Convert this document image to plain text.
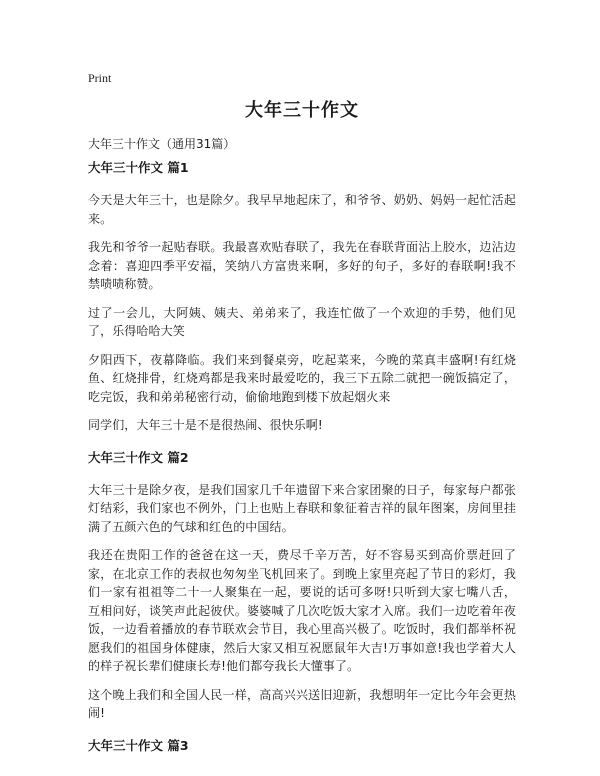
Print
大年三十作文
大年三十作文（通用31篇）
大年三十作文 篇1

今天是大年三十，也是除夕。我早早地起床了，和爷爷、奶奶、妈妈一起忙活起来。

我先和爷爷一起贴春联。我最喜欢贴春联了，我先在春联背面沾上胶水，边沾边念着：喜迎四季平安福，笑纳八方富贵来啊，多好的句子，多好的春联啊!我不禁啧啧称赞。

过了一会儿，大阿姨、姨夫、弟弟来了，我连忙做了一个欢迎的手势，他们见了，乐得哈哈大笑

夕阳西下，夜幕降临。我们来到餐桌旁，吃起菜来，今晚的菜真丰盛啊!有红烧鱼、红烧排骨，红烧鸡都是我来时最爱吃的，我三下五除二就把一碗饭搞定了，吃完饭，我和弟弟秘密行动，偷偷地跑到楼下放起烟火来

同学们，大年三十是不是很热闹、很快乐啊!

大年三十作文 篇2

大年三十是除夕夜，是我们国家几千年遗留下来合家团聚的日子，每家每户都张灯结彩，我们家也不例外，门上也贴上春联和象征着吉祥的鼠年图案，房间里挂满了五颜六色的气球和红色的中国结。

我还在贵阳工作的爸爸在这一天，费尽千辛万苦，好不容易买到高价票赶回了家，在北京工作的表叔也匆匆坐飞机回来了。到晚上家里亮起了节日的彩灯，我们一家有祖祖等二十一人聚集在一起，要说的话可多呀!只听到大家七嘴八舌，互相问好，谈笑声此起彼伏。婆婆喊了几次吃饭大家才入席。我们一边吃着年夜饭，一边看着播放的春节联欢会节目，我心里高兴极了。吃饭时，我们都举杯祝愿我们的祖国身体健康，然后大家又相互祝愿鼠年大吉!万事如意!我也学着大人的样子祝长辈们健康长寿!他们都夸我长大懂事了。

这个晚上我们和全国人民一样，高高兴兴送旧迎新，我想明年一定比今年会更热闹!

大年三十作文 篇3
